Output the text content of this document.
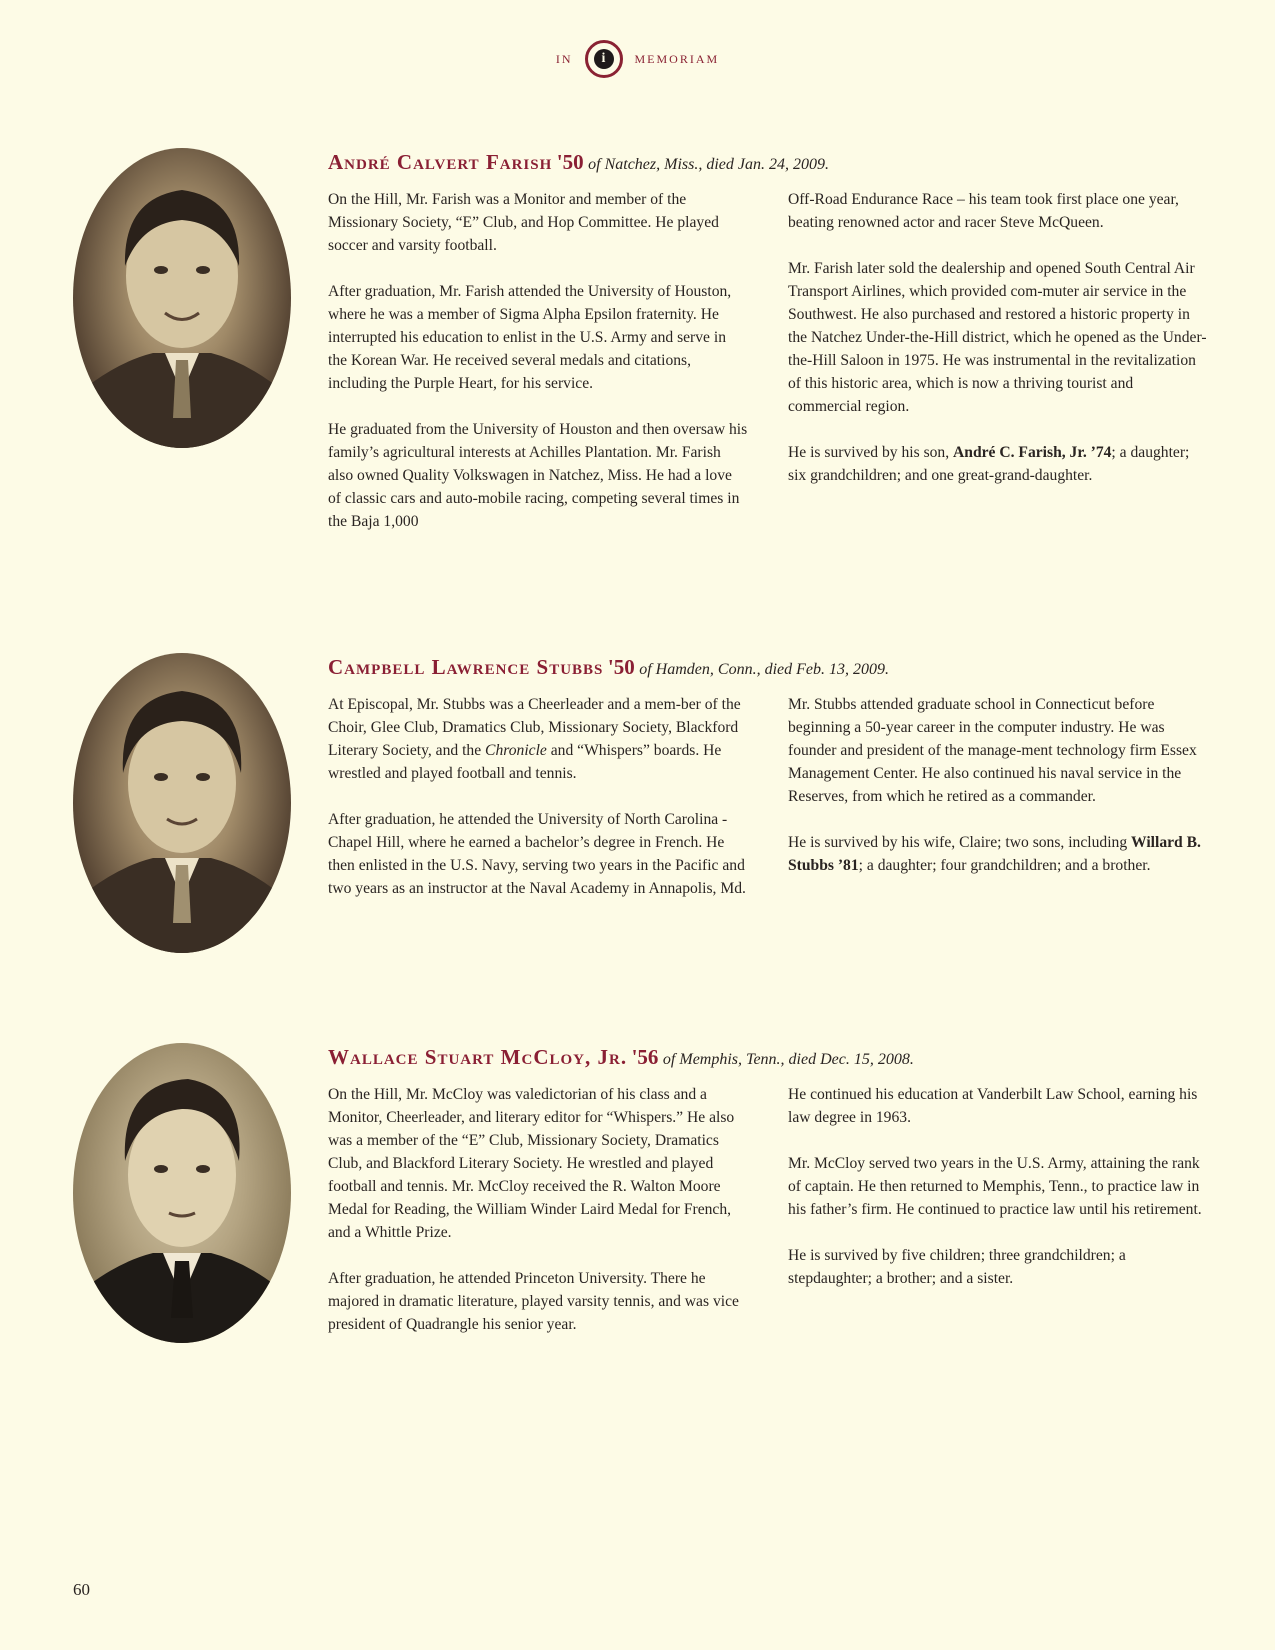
IN	i	MEMORIAM
André Calvert Farish '50 of Natchez, Miss., died Jan. 24, 2009.

On the Hill, Mr. Farish was a Monitor and member of the Missionary Society, “E” Club, and Hop Committee. He played soccer and varsity football.

After graduation, Mr. Farish attended the University of Houston, where he was a member of Sigma Alpha Epsilon fraternity. He interrupted his education to enlist in the U.S. Army and serve in the Korean War. He received several medals and citations, including the Purple Heart, for his service.

He graduated from the University of Houston and then oversaw his family’s agricultural interests at Achilles Plantation. Mr. Farish also owned Quality Volkswagen in Natchez, Miss. He had a love of classic cars and auto-mobile racing, competing several times in the Baja 1,000

Off-Road Endurance Race – his team took first place one year, beating renowned actor and racer Steve McQueen.

Mr. Farish later sold the dealership and opened South Central Air Transport Airlines, which provided com-muter air service in the Southwest. He also purchased and restored a historic property in the Natchez Under-the-Hill district, which he opened as the Under-the-Hill Saloon in 1975. He was instrumental in the revitalization of this historic area, which is now a thriving tourist and commercial region.

He is survived by his son, André C. Farish, Jr. ’74; a daughter; six grandchildren; and one great-grand-daughter.

Campbell Lawrence Stubbs '50 of Hamden, Conn., died Feb. 13, 2009.

At Episcopal, Mr. Stubbs was a Cheerleader and a mem-ber of the Choir, Glee Club, Dramatics Club, Missionary Society, Blackford Literary Society, and the Chronicle and “Whispers” boards. He wrestled and played football and tennis.

After graduation, he attended the University of North Carolina - Chapel Hill, where he earned a bachelor’s degree in French. He then enlisted in the U.S. Navy, serving two years in the Pacific and two years as an instructor at the Naval Academy in Annapolis, Md.

Mr. Stubbs attended graduate school in Connecticut before beginning a 50-year career in the computer industry. He was founder and president of the manage-ment technology firm Essex Management Center. He also continued his naval service in the Reserves, from which he retired as a commander.

He is survived by his wife, Claire; two sons, including Willard B. Stubbs ’81; a daughter; four grandchildren; and a brother.

Wallace Stuart McCloy, Jr. '56 of Memphis, Tenn., died Dec. 15, 2008.

On the Hill, Mr. McCloy was valedictorian of his class and a Monitor, Cheerleader, and literary editor for “Whispers.” He also was a member of the “E” Club, Missionary Society, Dramatics Club, and Blackford Literary Society. He wrestled and played football and tennis. Mr. McCloy received the R. Walton Moore Medal for Reading, the William Winder Laird Medal for French, and a Whittle Prize.

After graduation, he attended Princeton University. There he majored in dramatic literature, played varsity tennis, and was vice president of Quadrangle his senior year.

He continued his education at Vanderbilt Law School, earning his law degree in 1963.

Mr. McCloy served two years in the U.S. Army, attaining the rank of captain. He then returned to Memphis, Tenn., to practice law in his father’s firm. He continued to practice law until his retirement.

He is survived by five children; three grandchildren; a stepdaughter; a brother; and a sister.

60
